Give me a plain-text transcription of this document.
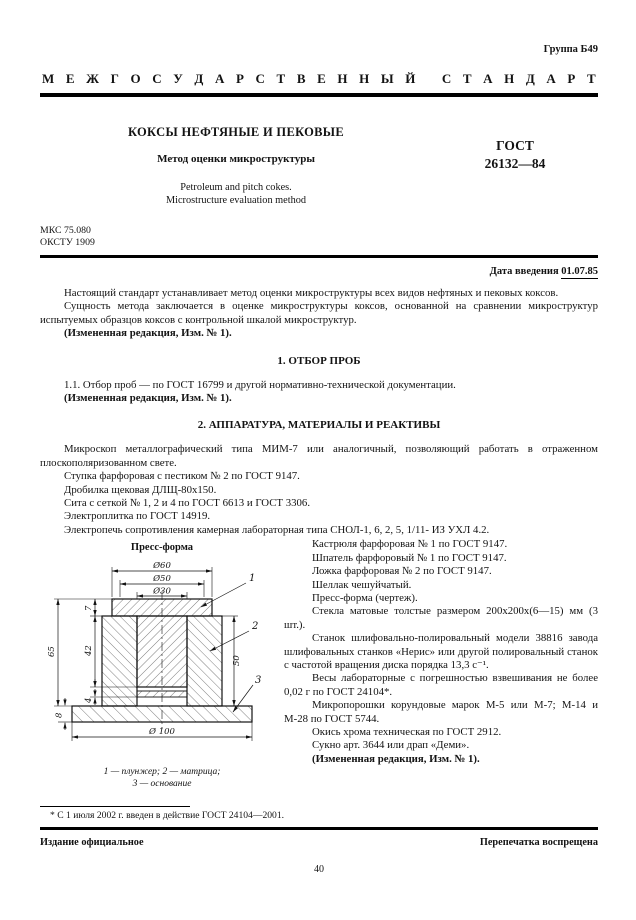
Группа Б49
М Е Ж Г О С У Д А Р С Т В Е Н Н Ы Й
С Т А Н Д А Р Т
КОКСЫ НЕФТЯНЫЕ И ПЕКОВЫЕ
Метод оценки микроструктуры
Petroleum and pitch cokes.
Microstructure evaluation method
ГОСТ
26132—84
МКС 75.080
ОКСТУ 1909
Дата введения 01.07.85

Настоящий стандарт устанавливает метод оценки микроструктуры всех видов нефтяных и пековых коксов.

Сущность метода заключается в оценке микроструктуры коксов, основанной на сравнении микроструктур испытуемых образцов коксов с контрольной шкалой микроструктур.

(Измененная редакция, Изм. № 1).

1. ОТБОР ПРОБ

1.1. Отбор проб — по ГОСТ 16799 и другой нормативно-технической документации.

(Измененная редакция, Изм. № 1).

2. АППАРАТУРА, МАТЕРИАЛЫ И РЕАКТИВЫ

Микроскоп металлографический типа МИМ-7 или аналогичный, позволяющий работать в отраженном плоскополяризованном свете.

Ступка фарфоровая с пестиком № 2 по ГОСТ 9147.

Дробилка щековая ДЛЩ-80х150.

Сита с сеткой № 1, 2 и 4 по ГОСТ 6613 и ГОСТ 3306.

Электроплитка по ГОСТ 14919.

Электропечь сопротивления камерная лабораторная типа СНОЛ-1, 6, 2, 5, 1/11- ИЗ УХЛ 4.2.

Пресс-форма
Ø60
Ø50
Ø30
7
42
4
65
8
50
Ø 100
1
2
3
1 — плунжер; 2 — матрица;
3 — основание

Кастрюля фарфоровая № 1 по ГОСТ 9147.

Шпатель фарфоровый № 1 по ГОСТ 9147.

Ложка фарфоровая № 2 по ГОСТ 9147.

Шеллак чешуйчатый.

Пресс-форма (чертеж).

Стекла матовые толстые размером 200х200х(6—15) мм (3 шт.).

Станок шлифовально-полировальный модели 38816 завода шлифовальных станков «Нерис» или другой полировальный станок с частотой вращения диска порядка 13,3 с⁻¹.

Весы лабораторные с погрешностью взвешивания не более 0,02 г по ГОСТ 24104*.

Микропорошки корундовые марок М-5 или М-7; М-14 и М-28 по ГОСТ 5744.

Окись хрома техническая по ГОСТ 2912.

Сукно арт. 3644 или драп «Деми».

(Измененная редакция, Изм. № 1).

* С 1 июля 2002 г. введен в действие ГОСТ 24104—2001.

Издание официальное	Перепечатка воспрещена
40
